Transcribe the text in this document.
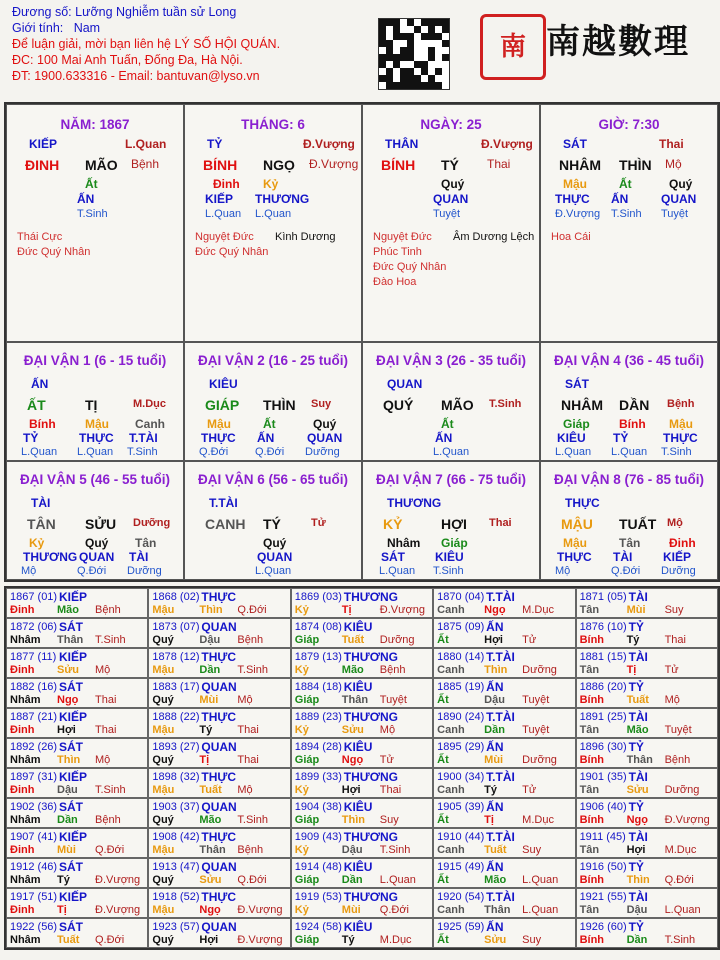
Đương số: Lưỡng Nghiễm tuần sử Long
Giới tính: Nam
Để luận giải, mời bạn liên hệ LÝ SỐ HỘI QUÁN.
ĐC: 100 Mai Anh Tuấn, Đống Đa, Hà Nội.
ĐT: 1900.633316 - Email: bantuvan@lyso.vn
南 南越數理
NĂM: 1867
KIẾP	L.Quan
ĐINH MÃO Bệnh
Ất
ẤN
T.Sinh
Thái Cực
Đức Quý Nhân
THÁNG: 6
TỶ	Đ.Vượng
BÍNH NGỌ Đ.Vượng
Đinh
KIẾP
L.Quan
Kỷ
THƯƠNG
L.Quan
Nguyệt Đức
Đức Quý Nhân
Kình Dương
NGÀY: 25
THÂN	Đ.Vượng
BÍNH TÝ Thai
Quý
QUAN
Tuyệt
Nguyệt Đức
Phúc Tinh
Đức Quý Nhân
Đào Hoa
Âm Dương Lệch
GIỜ: 7:30
SÁT	Thai
NHÂM THÌN Mộ
Mậu
THỰC
Đ.Vượng
Ất
ẤN
T.Sinh
Quý
QUAN
Tuyệt
Hoa Cái
ĐẠI VẬN 1 (6 - 15 tuổi)
ẤN
ẤT	TỊ	M.Dục
Bính
TỶ
L.Quan
Mậu
THỰC
L.Quan
Canh
T.TÀI
T.Sinh
ĐẠI VẬN 2 (16 - 25 tuổi)
KIÊU
GIÁP THÌN Suy
Mậu
THỰC
Q.Đới
Ất
ẤN
Q.Đới
Quý
QUAN
Dưỡng
ĐẠI VẬN 3 (26 - 35 tuổi)
QUAN
QUÝ MÃO T.Sinh
Ất
ẤN
L.Quan
ĐẠI VẬN 4 (36 - 45 tuổi)
SÁT
NHÂM DẦN Bệnh
Giáp
KIÊU
L.Quan
Bính
TỶ
L.Quan
Mậu
THỰC
T.Sinh
ĐẠI VẬN 5 (46 - 55 tuổi)
TÀI
TÂN SỬU Dưỡng
Kỷ
THƯƠNG
Mộ
Quý
QUAN
Q.Đới
Tân
TÀI
Dưỡng
ĐẠI VẬN 6 (56 - 65 tuổi)
T.TÀI
CANH TÝ	Tử
Quý
QUAN
L.Quan
ĐẠI VẬN 7 (66 - 75 tuổi)
THƯƠNG
KỶ	HỢI Thai
Nhâm
SÁT
L.Quan
Giáp
KIÊU
T.Sinh
ĐẠI VẬN 8 (76 - 85 tuổi)
THỰC
MẬU TUẤT Mộ
Mậu
THỰC
Mộ
Tân
TÀI
Q.Đới
Đinh
KIẾP
Dưỡng
1867 (01) KIẾP
Đinh Mão Bệnh
1868 (02) THỰC
Mậu Thìn Q.Đới
1869 (03) THƯƠNG
Kỷ	Tị	Đ.Vượng
1870 (04) T.TÀI
Canh Ngọ M.Dục
1871 (05) TÀI
Tân Mùi Suy
1872 (06) SÁT
Nhâm Thân T.Sinh
1873 (07) QUAN
Quý Dậu Bệnh
1874 (08) KIÊU
Giáp Tuất Dưỡng
1875 (09) ẤN
Ất	Hợi Tử
1876 (10) TỶ
Bính Tý Thai
1877 (11) KIẾP
Đinh Sửu Mộ
1878 (12) THỰC
Mậu Dần T.Sinh
1879 (13) THƯƠNG
Kỷ	Mão Bệnh
1880 (14) T.TÀI
Canh Thìn Dưỡng
1881 (15) TÀI
Tân Tị	Tử
1882 (16) SÁT
Nhâm Ngọ Thai
1883 (17) QUAN
Quý Mùi Mộ
1884 (18) KIÊU
Giáp Thân Tuyệt
1885 (19) ẤN
Ất	Dậu Tuyệt
1886 (20) TỶ
Bính Tuất Mộ
1887 (21) KIẾP
Đinh Hợi Thai
1888 (22) THỰC
Mậu Tý Thai
1889 (23) THƯƠNG
Kỷ	Sửu Mộ
1890 (24) T.TÀI
Canh Dần Tuyệt
1891 (25) TÀI
Tân Mão Tuyệt
1892 (26) SÁT
Nhâm Thìn Mộ
1893 (27) QUAN
Quý Tị	Thai
1894 (28) KIÊU
Giáp Ngọ Tử
1895 (29) ẤN
Ất	Mùi Dưỡng
1896 (30) TỶ
Bính Thân Bệnh
1897 (31) KIẾP
Đinh Dậu T.Sinh
1898 (32) THỰC
Mậu Tuất Mộ
1899 (33) THƯƠNG
Kỷ	Hợi Thai
1900 (34) T.TÀI
Canh Tý Tử
1901 (35) TÀI
Tân Sửu Dưỡng
1902 (36) SÁT
Nhâm Dần Bệnh
1903 (37) QUAN
Quý Mão T.Sinh
1904 (38) KIÊU
Giáp Thìn Suy
1905 (39) ẤN
Ất	Tị	M.Dục
1906 (40) TỶ
Bính Ngọ Đ.Vượng
1907 (41) KIẾP
Đinh Mùi Q.Đới
1908 (42) THỰC
Mậu Thân Bệnh
1909 (43) THƯƠNG
Kỷ	Dậu T.Sinh
1910 (44) T.TÀI
Canh Tuất Suy
1911 (45) TÀI
Tân Hợi M.Dục
1912 (46) SÁT
Nhâm Tý Đ.Vượng
1913 (47) QUAN
Quý Sửu Q.Đới
1914 (48) KIÊU
Giáp Dần L.Quan
1915 (49) ẤN
Ất	Mão L.Quan
1916 (50) TỶ
Bính Thìn Q.Đới
1917 (51) KIẾP
Đinh Tị	Đ.Vượng
1918 (52) THỰC
Mậu Ngọ Đ.Vượng
1919 (53) THƯƠNG
Kỷ	Mùi Q.Đới
1920 (54) T.TÀI
Canh Thân L.Quan
1921 (55) TÀI
Tân Dậu L.Quan
1922 (56) SÁT
Nhâm Tuất Q.Đới
1923 (57) QUAN
Quý Hợi Đ.Vượng
1924 (58) KIÊU
Giáp Tý M.Dục
1925 (59) ẤN
Ất	Sửu Suy
1926 (60) TỶ
Bính Dần T.Sinh
